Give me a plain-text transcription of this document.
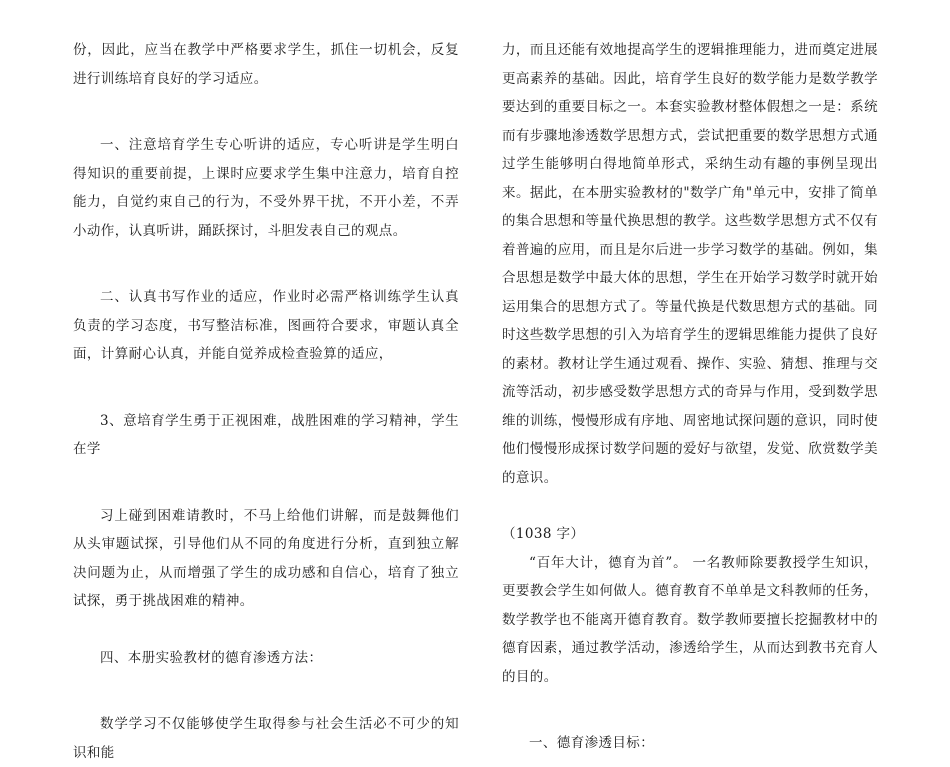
份，因此，应当在教学中严格要求学生，抓住一切机会，反复进行训练培育良好的学习适应。

一、注意培育学生专心听讲的适应，专心听讲是学生明白得知识的重要前提，上课时应要求学生集中注意力，培育自控能力，自觉约束自己的行为，不受外界干扰，不开小差，不弄小动作，认真听讲，踊跃探讨，斗胆发表自己的观点。

二、认真书写作业的适应，作业时必需严格训练学生认真负责的学习态度，书写整洁标准，图画符合要求，审题认真全面，计算耐心认真，并能自觉养成检查验算的适应，

3、意培育学生勇于正视困难，战胜困难的学习精神，学生在学

习上碰到困难请教时，不马上给他们讲解，而是鼓舞他们从头审题试探，引导他们从不同的角度进行分析，直到独立解决问题为止，从而增强了学生的成功感和自信心，培育了独立试探，勇于挑战困难的精神。

四、本册实验教材的德育渗透方法：

数学学习不仅能够使学生取得参与社会生活必不可少的知识和能

力，而且还能有效地提高学生的逻辑推理能力，进而奠定进展更高素养的基础。因此，培育学生良好的数学能力是数学教学要达到的重要目标之一。本套实验教材整体假想之一是：系统而有步骤地渗透数学思想方式，尝试把重要的数学思想方式通过学生能够明白得地简单形式，采纳生动有趣的事例呈现出来。据此，在本册实验教材的"数学广角"单元中，安排了简单的集合思想和等量代换思想的教学。这些数学思想方式不仅有着普遍的应用，而且是尔后进一步学习数学的基础。例如，集合思想是数学中最大体的思想，学生在开始学习数学时就开始运用集合的思想方式了。等量代换是代数思想方式的基础。同时这些数学思想的引入为培育学生的逻辑思维能力提供了良好的素材。教材让学生通过观看、操作、实验、猜想、推理与交流等活动，初步感受数学思想方式的奇异与作用，受到数学思维的训练，慢慢形成有序地、周密地试探问题的意识，同时使他们慢慢形成探讨数学问题的爱好与欲望，发觉、欣赏数学美的意识。

（1038 字）

“百年大计，德育为首”。 一名教师除要教授学生知识，更要教会学生如何做人。德育教育不单单是文科教师的任务，数学教学也不能离开德育教育。数学教师要擅长挖掘教材中的德育因素，通过教学活动，渗透给学生，从而达到教书充育人的目的。

一、德育渗透目标：
